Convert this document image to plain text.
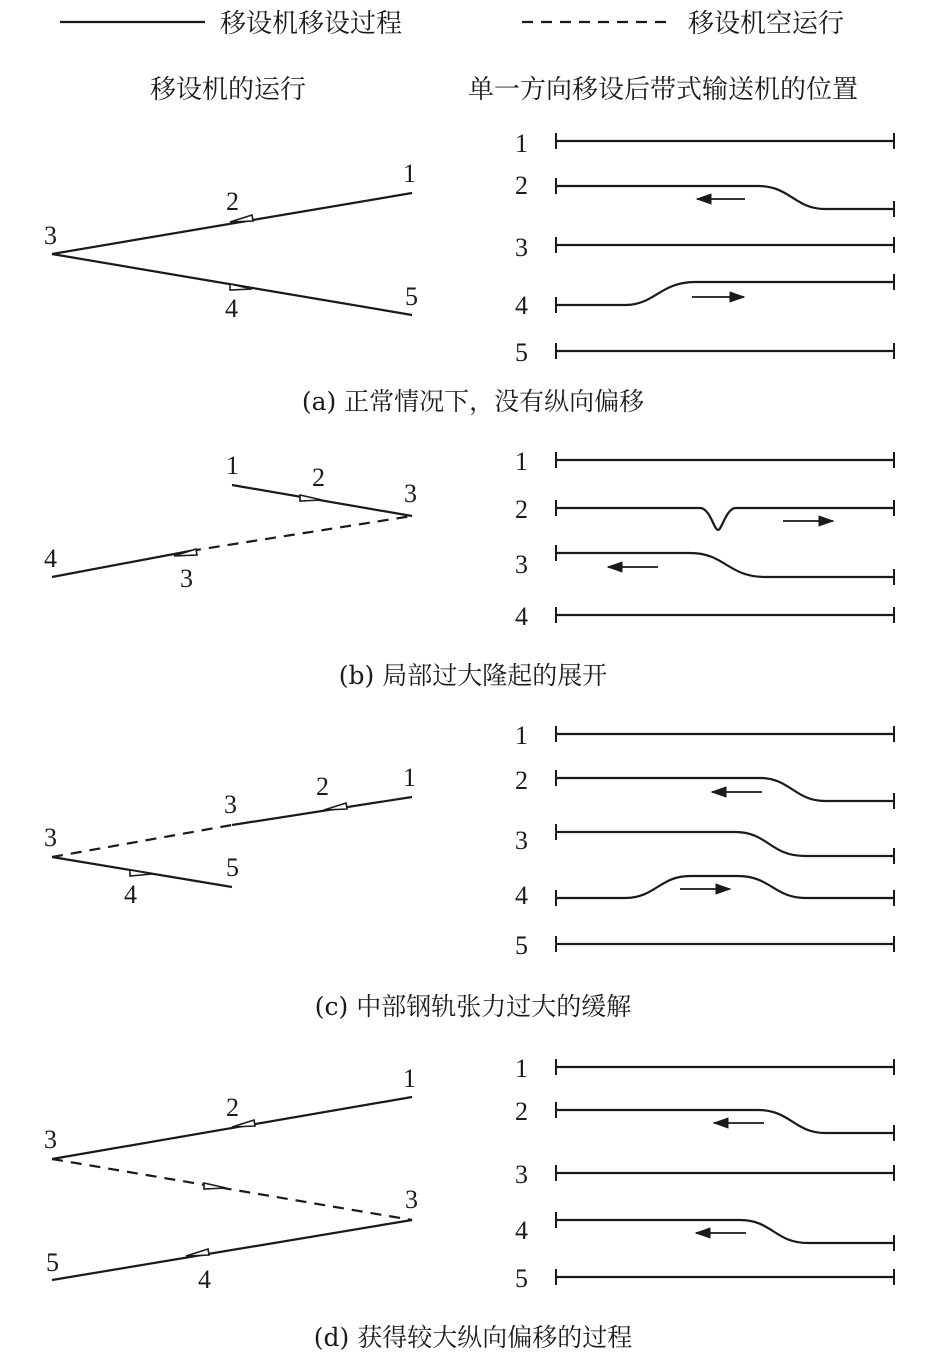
移设机移设过程	移设机空运行
移设机的运行	单一方向移设后带式输送机的位置
1
2
3
4	5
1
2
3
4
5
(a) 正常情况下，没有纵向偏移
1	2
3
4
3
1
2
3
4
(b) 局部过大隆起的展开
1
2
3
3
4
5
1
2
3
4
5
(c) 中部钢轨张力过大的缓解
1
2
3
3
5
4
1
2
3
4
5
(d) 获得较大纵向偏移的过程
